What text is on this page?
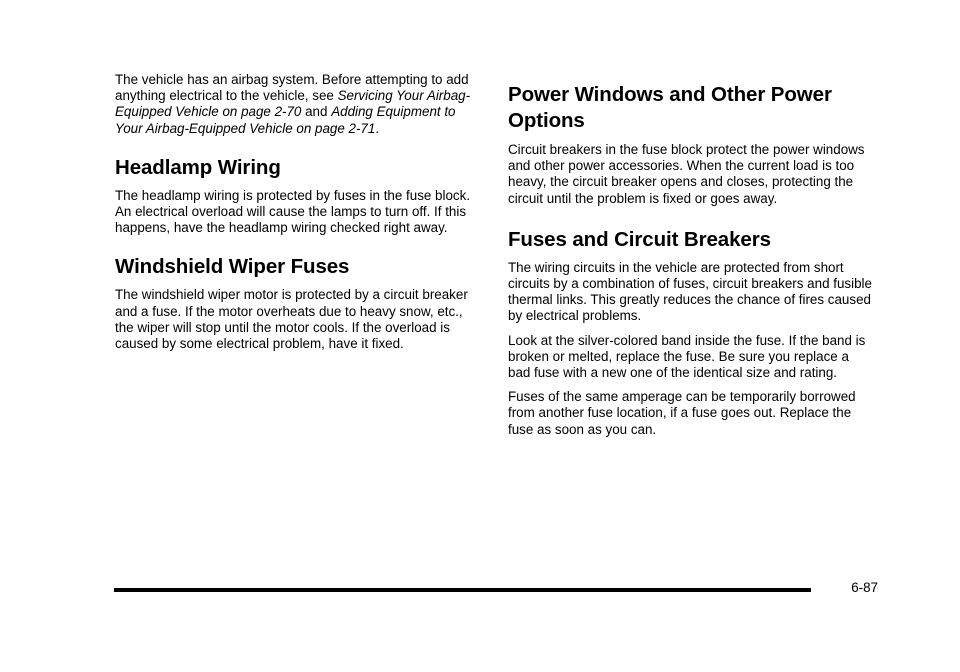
The vehicle has an airbag system. Before attempting to add anything electrical to the vehicle, see Servicing Your Airbag-Equipped Vehicle on page 2-70 and Adding Equipment to Your Airbag-Equipped Vehicle on page 2-71.

Headlamp Wiring

The headlamp wiring is protected by fuses in the fuse block. An electrical overload will cause the lamps to turn off. If this happens, have the headlamp wiring checked right away.

Windshield Wiper Fuses

The windshield wiper motor is protected by a circuit breaker and a fuse. If the motor overheats due to heavy snow, etc., the wiper will stop until the motor cools. If the overload is caused by some electrical problem, have it fixed.

Power Windows and Other Power Options

Circuit breakers in the fuse block protect the power windows and other power accessories. When the current load is too heavy, the circuit breaker opens and closes, protecting the circuit until the problem is fixed or goes away.

Fuses and Circuit Breakers

The wiring circuits in the vehicle are protected from short circuits by a combination of fuses, circuit breakers and fusible thermal links. This greatly reduces the chance of fires caused by electrical problems.

Look at the silver-colored band inside the fuse. If the band is broken or melted, replace the fuse. Be sure you replace a bad fuse with a new one of the identical size and rating.

Fuses of the same amperage can be temporarily borrowed from another fuse location, if a fuse goes out. Replace the fuse as soon as you can.

6-87
